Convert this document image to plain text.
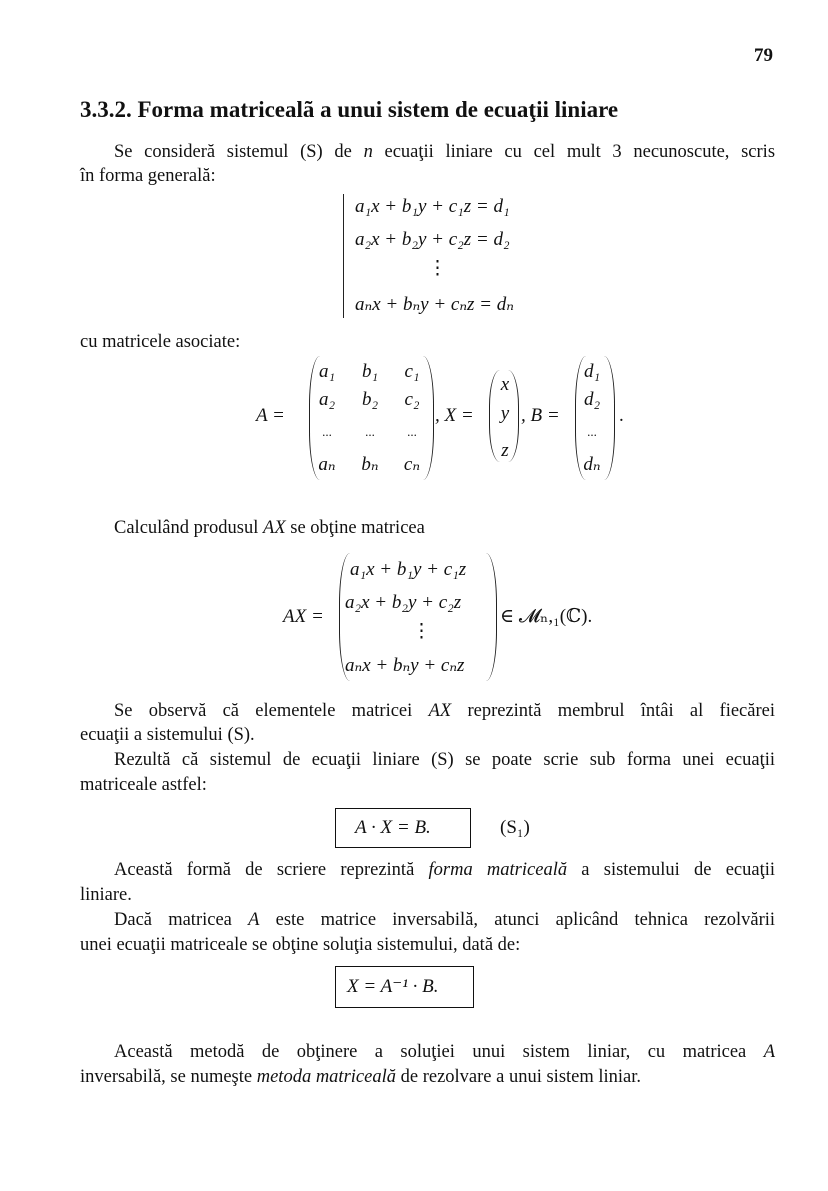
79
3.3.2. Forma matricealã a unui sistem de ecuaţii liniare
Se consideră sistemul (S) de n ecuaţii liniare cu cel mult 3 necunoscute, scris
în forma generală:
a₁x + b₁y + c₁z = d₁
a₂x + b₂y + c₂z = d₂
⋮
aₙx + bₙy + cₙz = dₙ
cu matricele asociate:
A =
a₁	b₁	c₁
a₂	b₂	c₂
...	...	...
aₙ	bₙ	cₙ
, X =
x
y
z
, B =
d₁
d₂
...
dₙ
.
Calculând produsul AX se obţine matricea
AX =
a₁x + b₁y + c₁z
a₂x + b₂y + c₂z
⋮
aₙx + bₙy + cₙz
∈ 𝓜ₙ,₁(ℂ).
Se observă că elementele matricei AX reprezintă membrul întâi al fiecărei
ecuaţii a sistemului (S).
Rezultă că sistemul de ecuaţii liniare (S) se poate scrie sub forma unei ecuaţii
matriceale astfel:
A · X = B.	(S₁)
Această formă de scriere reprezintă forma matriceală a sistemului de ecuaţii
liniare.
Dacă matricea A este matrice inversabilă, atunci aplicând tehnica rezolvării
unei ecuaţii matriceale se obţine soluţia sistemului, dată de:
X = A⁻¹ · B.
Această metodă de obţinere a soluţiei unui sistem liniar, cu matricea A
inversabilă, se numeşte metoda matriceală de rezolvare a unui sistem liniar.
